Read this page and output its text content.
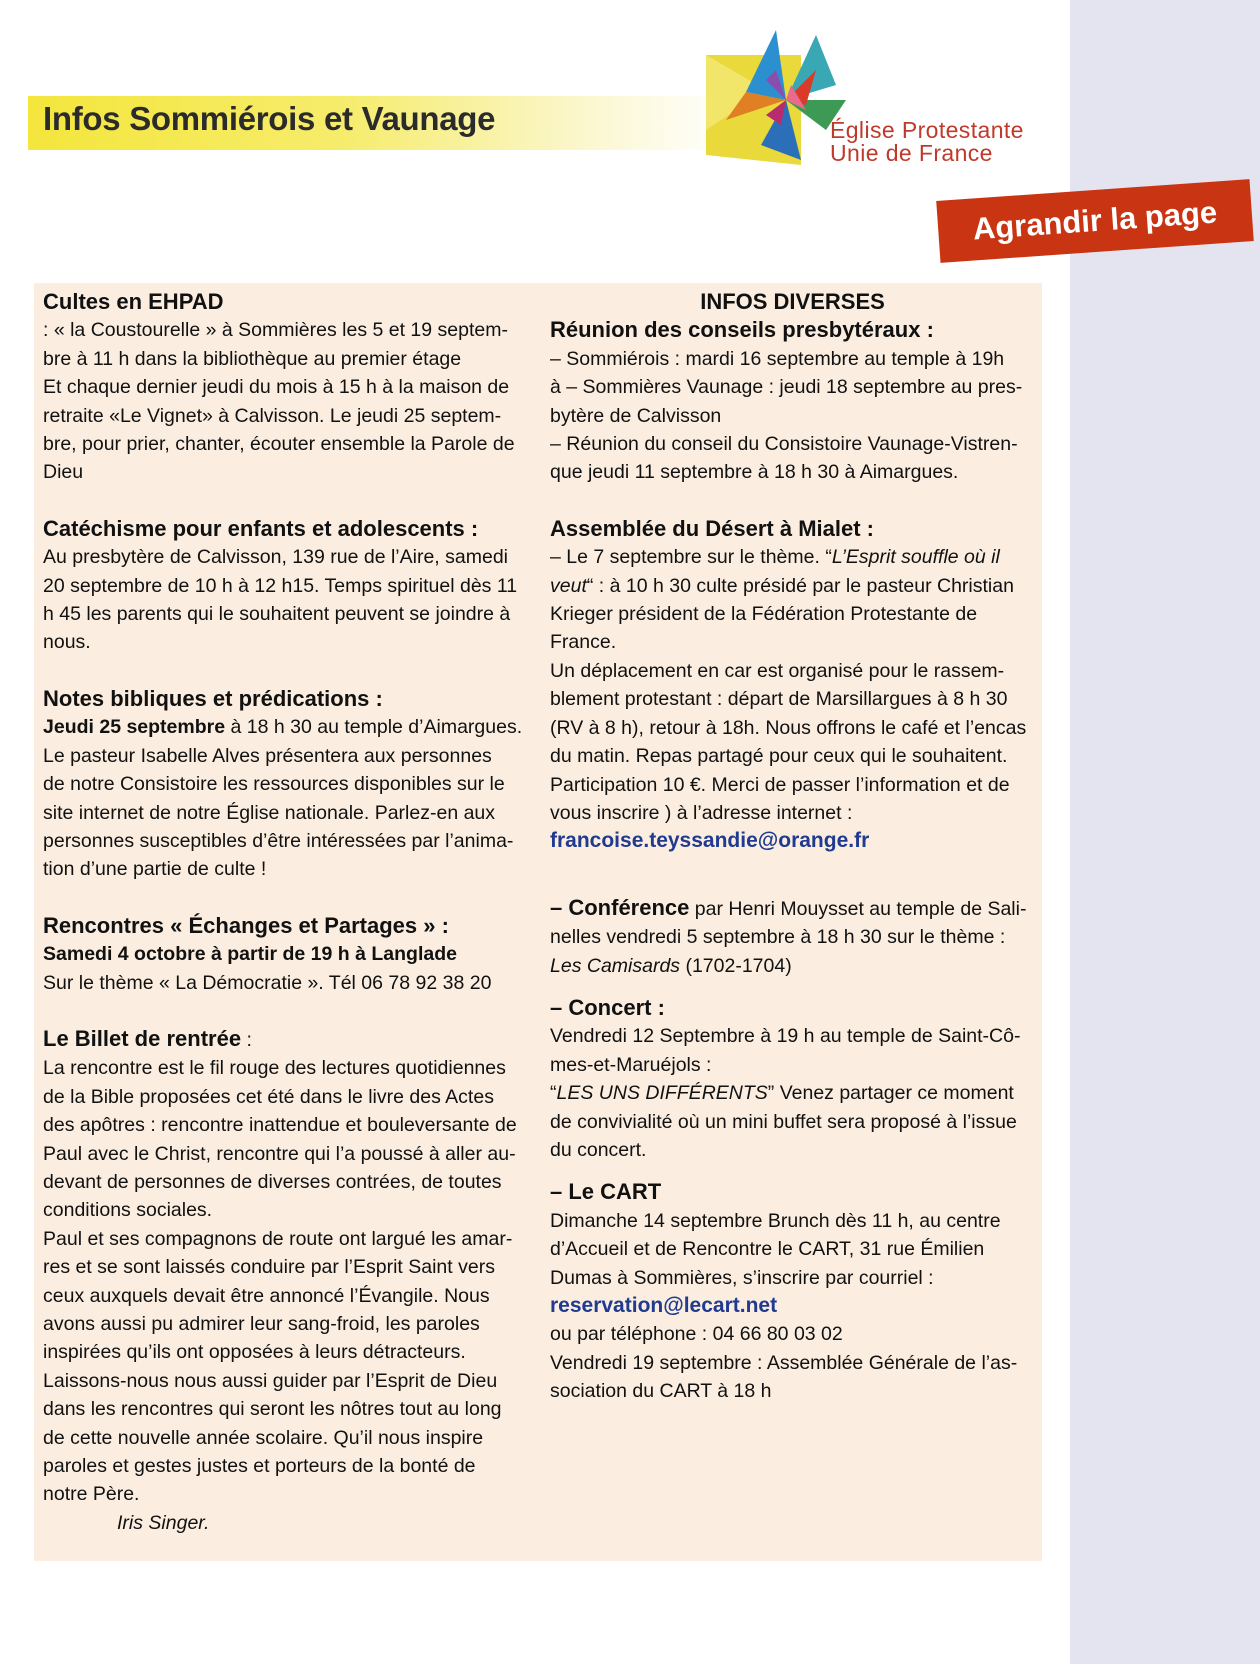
Infos Sommiérois et Vaunage	Église Protestante
Unie de France
Agrandir la page

Cultes en EHPAD

: « la Coustourelle » à Sommières les 5 et 19 septem-

bre à 11 h dans la bibliothèque au premier étage

Et chaque dernier jeudi du mois à 15 h à la maison de

retraite «Le Vignet» à Calvisson. Le jeudi 25 septem-

bre, pour prier, chanter, écouter ensemble la Parole de

Dieu

Catéchisme pour enfants et adolescents :

Au presbytère de Calvisson, 139 rue de l’Aire, samedi

20 septembre de 10 h à 12 h15. Temps spirituel dès 11

h 45 les parents qui le souhaitent peuvent se joindre à

nous.

Notes bibliques et prédications :

Jeudi 25 septembre à 18 h 30 au temple d’Aimargues.

Le pasteur Isabelle Alves présentera aux personnes

de notre Consistoire les ressources disponibles sur le

site internet de notre Église nationale. Parlez-en aux

personnes susceptibles d’être intéressées par l’anima-

tion d’une partie de culte !

Rencontres « Échanges et Partages » :

Samedi 4 octobre à partir de 19 h à Langlade

Sur le thème « La Démocratie ». Tél 06 78 92 38 20

Le Billet de rentrée :

La rencontre est le fil rouge des lectures quotidiennes

de la Bible proposées cet été dans le livre des Actes

des apôtres : rencontre inattendue et bouleversante de

Paul avec le Christ, rencontre qui l’a poussé à aller au-

devant de personnes de diverses contrées, de toutes

conditions sociales.

Paul et ses compagnons de route ont largué les amar-

res et se sont laissés conduire par l’Esprit Saint vers

ceux auxquels devait être annoncé l’Évangile. Nous

avons aussi pu admirer leur sang-froid, les paroles

inspirées qu’ils ont opposées à leurs détracteurs.

Laissons-nous nous aussi guider par l’Esprit de Dieu

dans les rencontres qui seront les nôtres tout au long

de cette nouvelle année scolaire. Qu’il nous inspire

paroles et gestes justes et porteurs de la bonté de

notre Père.

Iris Singer.

INFOS DIVERSES

Réunion des conseils presbytéraux :

– Sommiérois : mardi 16 septembre au temple à 19h

à – Sommières Vaunage : jeudi 18 septembre au pres-

bytère de Calvisson

– Réunion du conseil du Consistoire Vaunage-Vistren-

que jeudi 11 septembre à 18 h 30 à Aimargues.

Assemblée du Désert à Mialet :

– Le 7 septembre sur le thème. “L’Esprit souffle où il

veut“ : à 10 h 30 culte présidé par le pasteur Christian

Krieger président de la Fédération Protestante de

France.

Un déplacement en car est organisé pour le rassem-

blement protestant : départ de Marsillargues à 8 h 30

(RV à 8 h), retour à 18h. Nous offrons le café et l’encas

du matin. Repas partagé pour ceux qui le souhaitent.

Participation 10 €. Merci de passer l’information et de

vous inscrire ) à l’adresse internet :

francoise.teyssandie@orange.fr

– Conférence par Henri Mouysset au temple de Sali-

nelles vendredi 5 septembre à 18 h 30 sur le thème :

Les Camisards (1702-1704)

– Concert :

Vendredi 12 Septembre à 19 h au temple de Saint-Cô-

mes-et-Maruéjols :

“LES UNS DIFFÉRENTS” Venez partager ce moment

de convivialité où un mini buffet sera proposé à l’issue

du concert.

– Le CART

Dimanche 14 septembre Brunch dès 11 h, au centre

d’Accueil et de Rencontre le CART, 31 rue Émilien

Dumas à Sommières, s’inscrire par courriel :

reservation@lecart.net

ou par téléphone : 04 66 80 03 02

Vendredi 19 septembre : Assemblée Générale de l’as-

sociation du CART à 18 h
